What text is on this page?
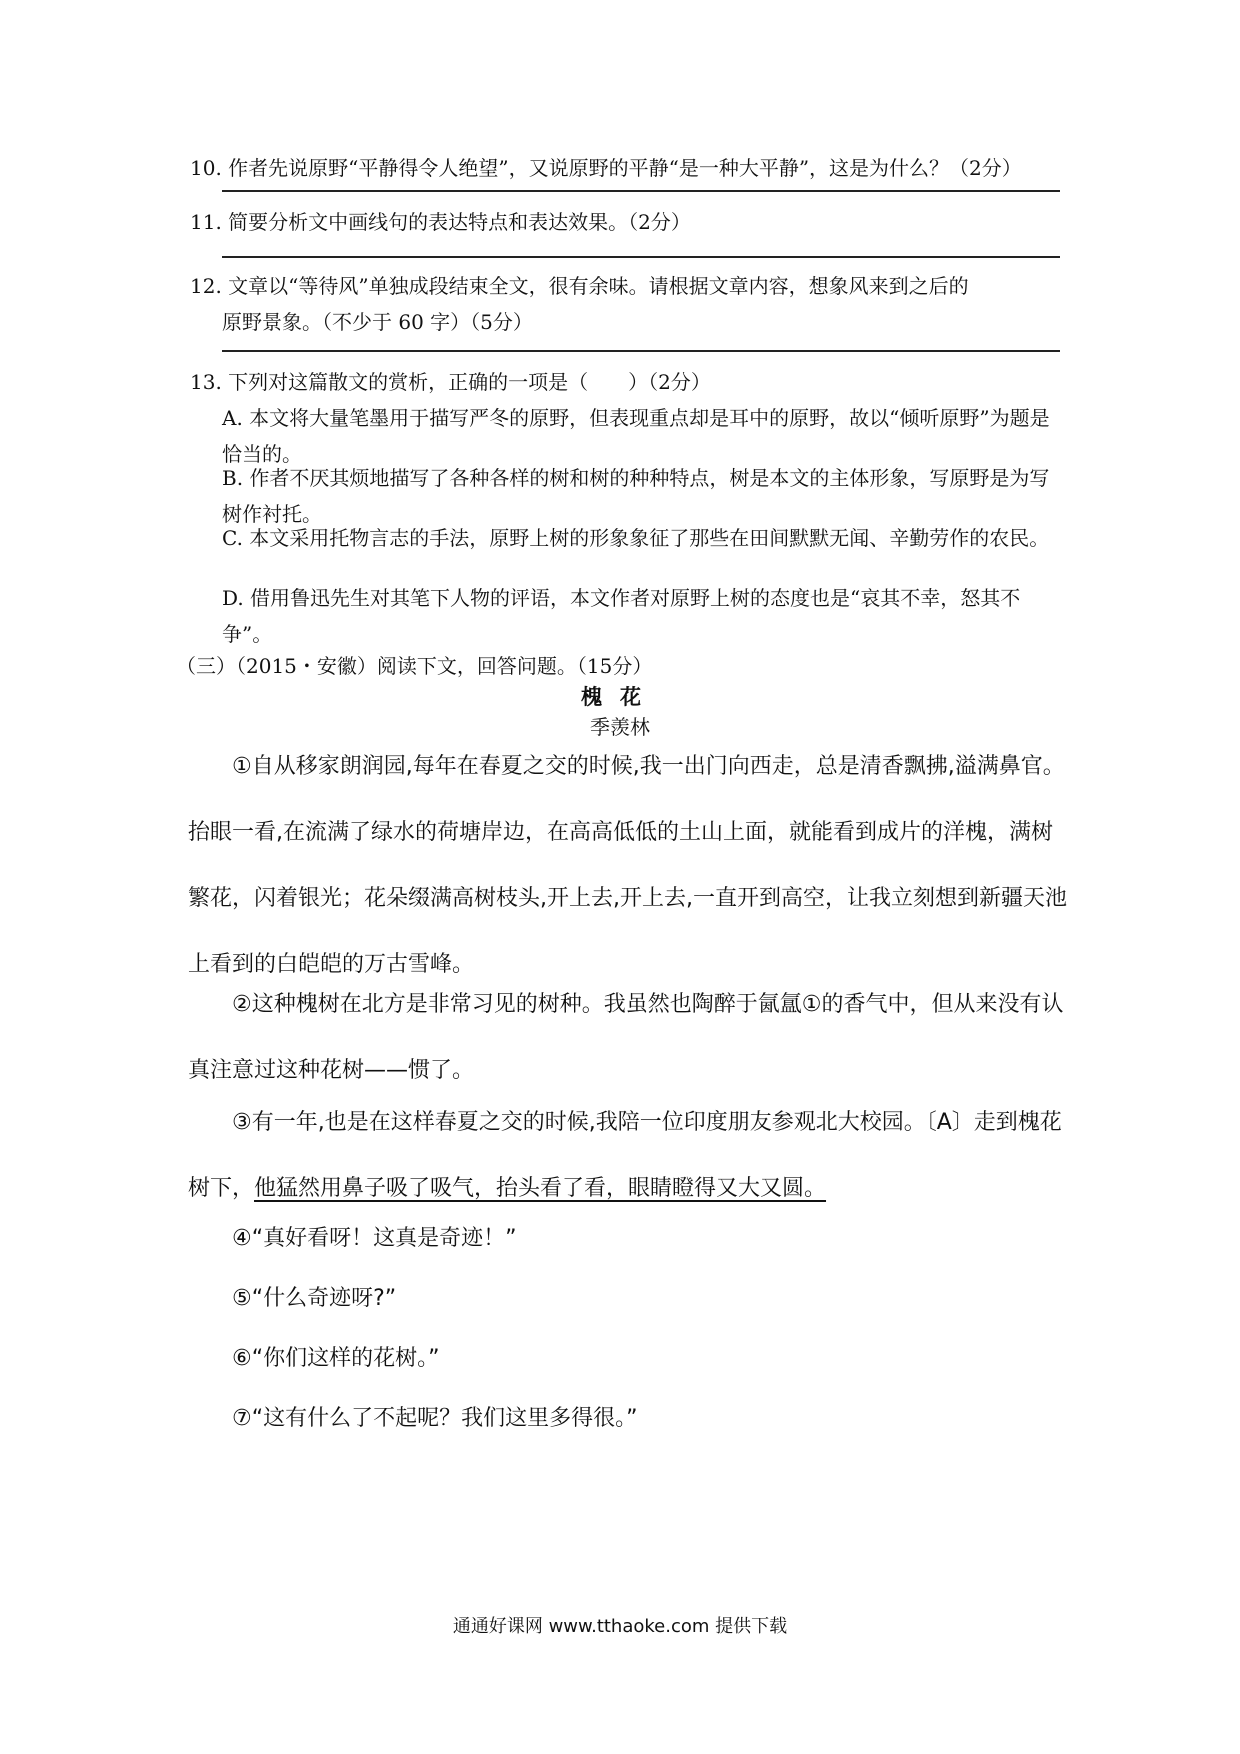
10. 作者先说原野“平静得令人绝望”，又说原野的平静“是一种大平静”，这是为什么？（2分）

11. 简要分析文中画线句的表达特点和表达效果。（2分）

12. 文章以“等待风”单独成段结束全文，很有余味。请根据文章内容，想象风来到之后的

原野景象。（不少于 60 字）（5分）

13. 下列对这篇散文的赏析，正确的一项是（　　）（2分）

A. 本文将大量笔墨用于描写严冬的原野，但表现重点却是耳中的原野，故以“倾听原野”为题是恰当的。

B. 作者不厌其烦地描写了各种各样的树和树的种种特点，树是本文的主体形象，写原野是为写树作衬托。

C. 本文采用托物言志的手法，原野上树的形象象征了那些在田间默默无闻、辛勤劳作的农民。

D. 借用鲁迅先生对其笔下人物的评语，本文作者对原野上树的态度也是“哀其不幸，怒其不争”。

（三）（2015・安徽）阅读下文，回答问题。（15分）

槐花

季羡林

①自从移家朗润园,每年在春夏之交的时候,我一出门向西走，总是清香飘拂,溢满鼻官。抬眼一看,在流满了绿水的荷塘岸边，在高高低低的土山上面，就能看到成片的洋槐，满树繁花，闪着银光；花朵缀满高树枝头,开上去,开上去,一直开到高空，让我立刻想到新疆天池上看到的白皑皑的万古雪峰。

②这种槐树在北方是非常习见的树种。我虽然也陶醉于氤氲①的香气中，但从来没有认真注意过这种花树——惯了。

③有一年,也是在这样春夏之交的时候,我陪一位印度朋友参观北大校园。〔A〕走到槐花树下，他猛然用鼻子吸了吸气，抬头看了看，眼睛瞪得又大又圆。

④“真好看呀！这真是奇迹！”

⑤“什么奇迹呀?”

⑥“你们这样的花树。”

⑦“这有什么了不起呢？我们这里多得很。”

通通好课网 www.tthaoke.com 提供下载
